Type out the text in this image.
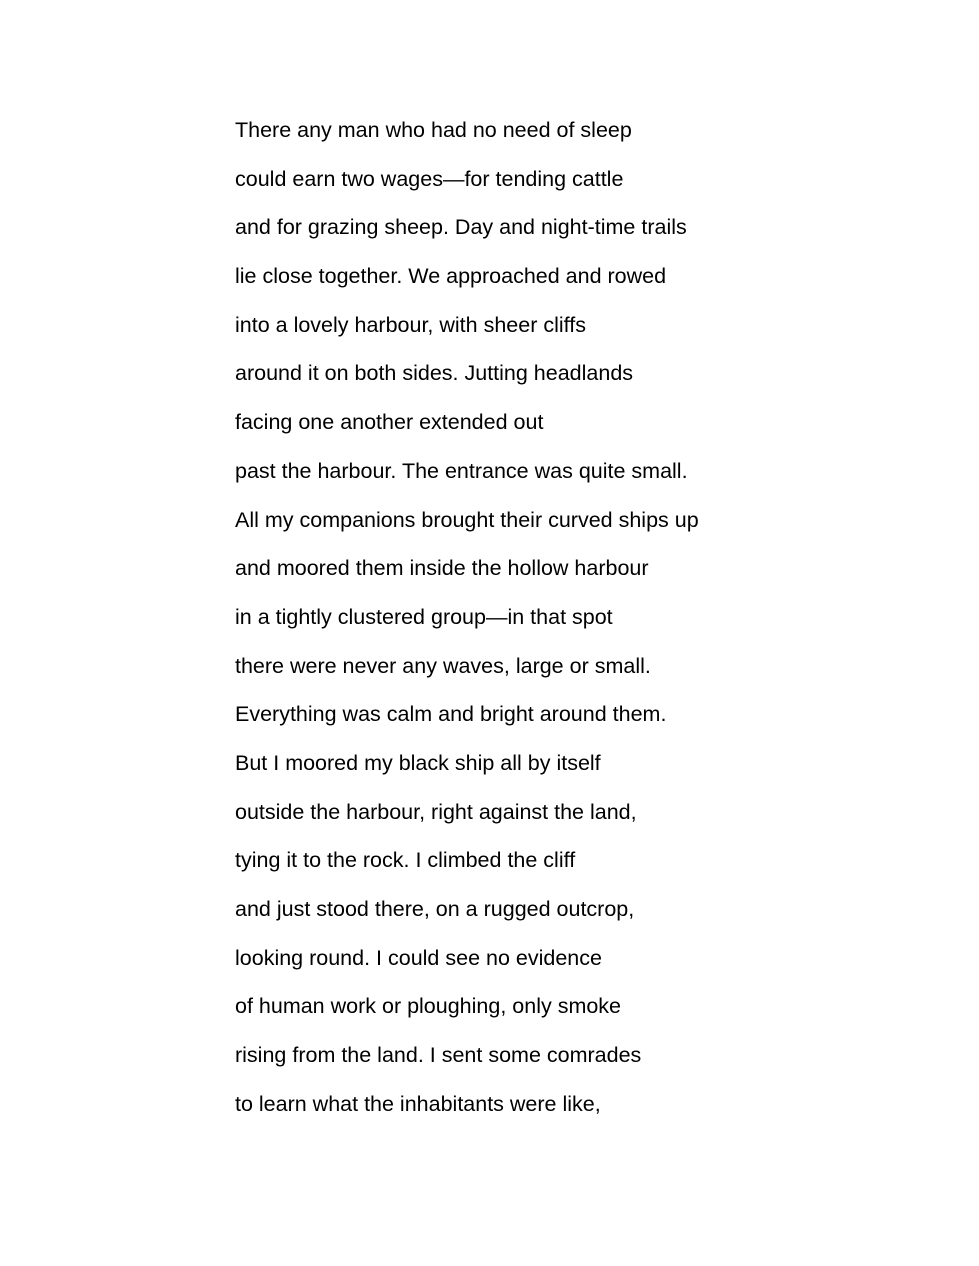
There any man who had no need of sleep
could earn two wages—for tending cattle
and for grazing sheep. Day and night-time trails
lie close together. We approached and rowed
into a lovely harbour, with sheer cliffs
around it on both sides. Jutting headlands
facing one another extended out
past the harbour. The entrance was quite small.
All my companions brought their curved ships up
and moored them inside the hollow harbour
in a tightly clustered group—in that spot
there were never any waves, large or small.
Everything was calm and bright around them.
But I moored my black ship all by itself
outside the harbour, right against the land,
tying it to the rock. I climbed the cliff
and just stood there, on a rugged outcrop,
looking round. I could see no evidence
of human work or ploughing, only smoke
rising from the land. I sent some comrades
to learn what the inhabitants were like,
